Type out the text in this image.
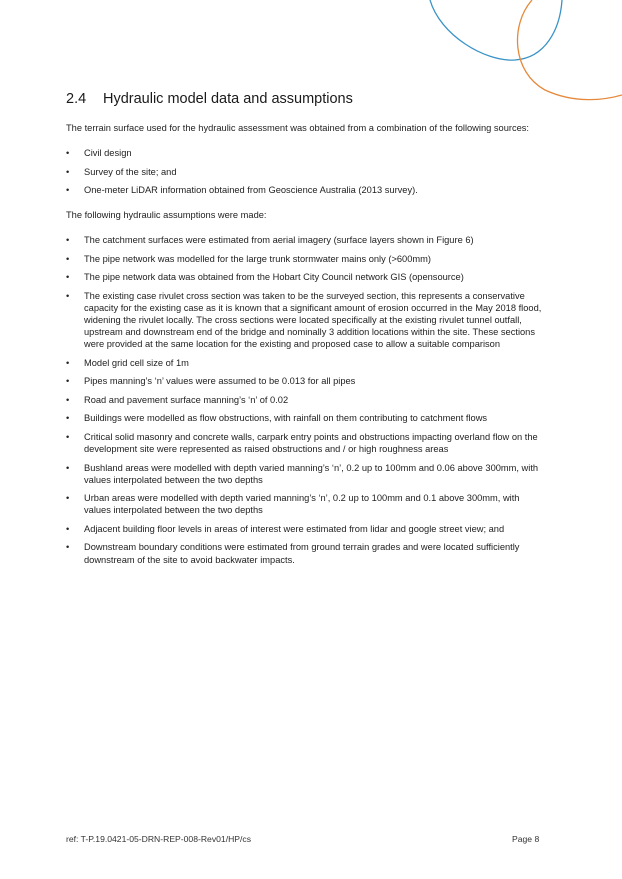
2.4 Hydraulic model data and assumptions

The terrain surface used for the hydraulic assessment was obtained from a combination of the following sources:

• Civil design
• Survey of the site; and
• One-meter LiDAR information obtained from Geoscience Australia (2013 survey).

The following hydraulic assumptions were made:

• The catchment surfaces were estimated from aerial imagery (surface layers shown in Figure 6)
• The pipe network was modelled for the large trunk stormwater mains only (>600mm)
• The pipe network data was obtained from the Hobart City Council network GIS (opensource)
• The existing case rivulet cross section was taken to be the surveyed section, this represents a conservative capacity for the existing case as it is known that a significant amount of erosion occurred in the May 2018 flood, widening the rivulet locally. The cross sections were located specifically at the existing rivulet tunnel outfall, upstream and downstream end of the bridge and nominally 3 addition locations within the site. These sections were provided at the same location for the existing and proposed case to allow a suitable comparison
• Model grid cell size of 1m
• Pipes manning’s ‘n’ values were assumed to be 0.013 for all pipes
• Road and pavement surface manning’s ‘n’ of 0.02
• Buildings were modelled as flow obstructions, with rainfall on them contributing to catchment flows
• Critical solid masonry and concrete walls, carpark entry points and obstructions impacting overland flow on the development site were represented as raised obstructions and / or high roughness areas
• Bushland areas were modelled with depth varied manning’s ‘n’, 0.2 up to 100mm and 0.06 above 300mm, with values interpolated between the two depths
• Urban areas were modelled with depth varied manning’s ‘n’, 0.2 up to 100mm and 0.1 above 300mm, with values interpolated between the two depths
• Adjacent building floor levels in areas of interest were estimated from lidar and google street view; and
• Downstream boundary conditions were estimated from ground terrain grades and were located sufficiently downstream of the site to avoid backwater impacts.

ref: T-P.19.0421-05-DRN-REP-008-Rev01/HP/cs	Page 8
